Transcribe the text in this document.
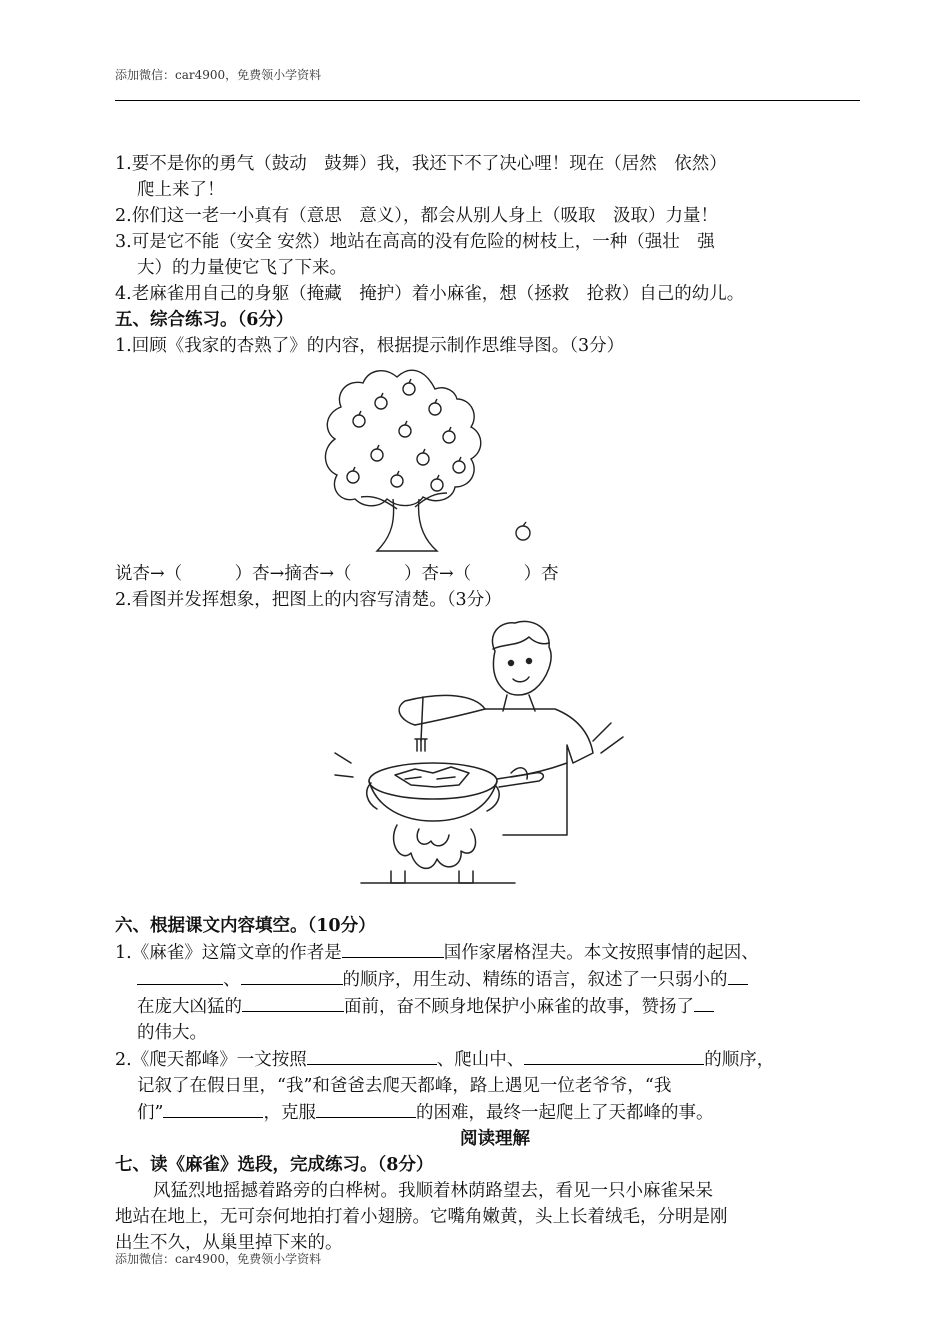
添加微信：car4900，免费领小学资料
1.要不是你的勇气（鼓动　鼓舞）我，我还下不了决心哩！现在（居然　依然）
爬上来了！
2.你们这一老一小真有（意思　意义），都会从别人身上（吸取　汲取）力量！
3.可是它不能（安全 安然）地站在高高的没有危险的树枝上，一种（强壮　强
大）的力量使它飞了下来。
4.老麻雀用自己的身躯（掩藏　掩护）着小麻雀，想（拯救　抢救）自己的幼儿。
五、综合练习。（6分）
1.回顾《我家的杏熟了》的内容，根据提示制作思维导图。（3分）
说杏→（　　　）杏→摘杏→（　　　）杏→（　　　）杏
2.看图并发挥想象，把图上的内容写清楚。（3分）
六、根据课文内容填空。（10分）
1.《麻雀》这篇文章的作者是	国作家屠格涅夫。本文按照事情的起因、
、	的顺序，用生动、精练的语言，叙述了一只弱小的
在庞大凶猛的	面前，奋不顾身地保护小麻雀的故事，赞扬了
的伟大。
2.《爬天都峰》一文按照	、爬山中、	的顺序，
记叙了在假日里，“我”和爸爸去爬天都峰，路上遇见一位老爷爷，“我
们”	，克服	的困难，最终一起爬上了天都峰的事。
阅读理解
七、读《麻雀》选段，完成练习。（8分）
风猛烈地摇撼着路旁的白桦树。我顺着林荫路望去，看见一只小麻雀呆呆
地站在地上，无可奈何地拍打着小翅膀。它嘴角嫩黄，头上长着绒毛，分明是刚
出生不久，从巢里掉下来的。
添加微信：car4900，免费领小学资料
